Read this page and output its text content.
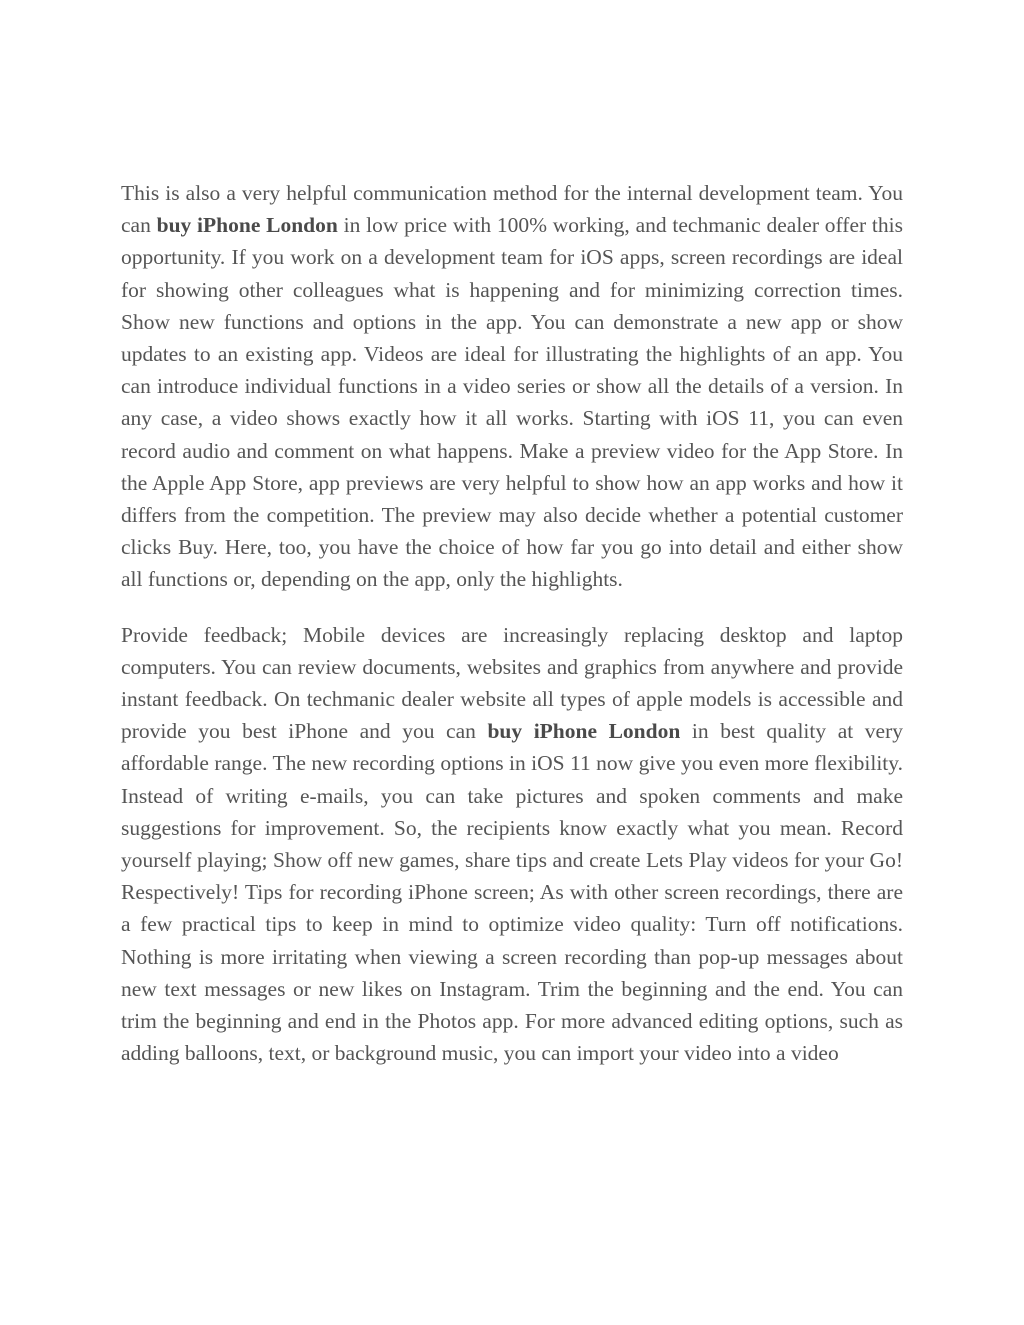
This is also a very helpful communication method for the internal development team. You can buy iPhone London in low price with 100% working, and techmanic dealer offer this opportunity. If you work on a development team for iOS apps, screen recordings are ideal for showing other colleagues what is happening and for minimizing correction times. Show new functions and options in the app. You can demonstrate a new app or show updates to an existing app. Videos are ideal for illustrating the highlights of an app. You can introduce individual functions in a video series or show all the details of a version. In any case, a video shows exactly how it all works. Starting with iOS 11, you can even record audio and comment on what happens. Make a preview video for the App Store. In the Apple App Store, app previews are very helpful to show how an app works and how it differs from the competition. The preview may also decide whether a potential customer clicks Buy. Here, too, you have the choice of how far you go into detail and either show all functions or, depending on the app, only the highlights.

Provide feedback; Mobile devices are increasingly replacing desktop and laptop computers. You can review documents, websites and graphics from anywhere and provide instant feedback. On techmanic dealer website all types of apple models is accessible and provide you best iPhone and you can buy iPhone London in best quality at very affordable range. The new recording options in iOS 11 now give you even more flexibility. Instead of writing e-mails, you can take pictures and spoken comments and make suggestions for improvement. So, the recipients know exactly what you mean. Record yourself playing; Show off new games, share tips and create Lets Play videos for your Go! Respectively! Tips for recording iPhone screen; As with other screen recordings, there are a few practical tips to keep in mind to optimize video quality: Turn off notifications. Nothing is more irritating when viewing a screen recording than pop-up messages about new text messages or new likes on Instagram. Trim the beginning and the end. You can trim the beginning and end in the Photos app. For more advanced editing options, such as adding balloons, text, or background music, you can import your video into a video
